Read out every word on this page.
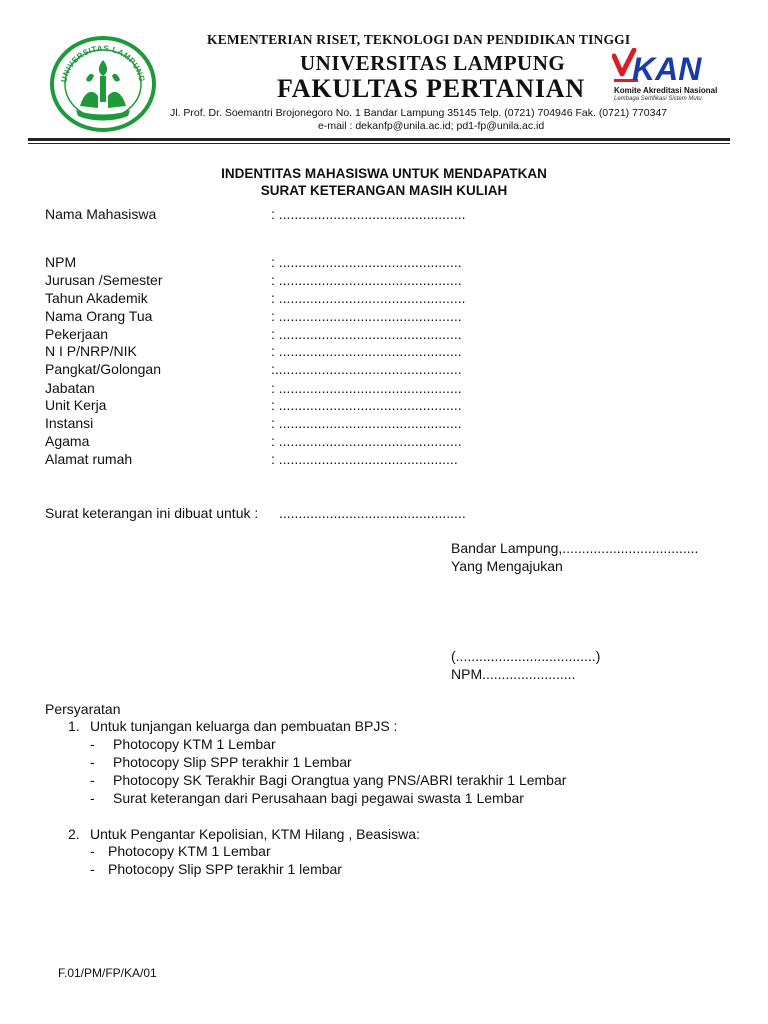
UNIVERSITAS LAMPUNG
KEMENTERIAN RISET, TEKNOLOGI DAN PENDIDIKAN TINGGI
UNIVERSITAS LAMPUNG
FAKULTAS PERTANIAN
Jl. Prof. Dr. Soemantri Brojonegoro No. 1 Bandar Lampung 35145 Telp. (0721) 704946 Fak. (0721) 770347
e-mail : dekanfp@unila.ac.id; pd1-fp@unila.ac.id
KAN
Komite Akreditasi Nasional
Lembaga Sertifikasi Sistem Mutu
INDENTITAS MAHASISWA UNTUK MENDAPATKAN
SURAT KETERANGAN MASIH KULIAH
Nama Mahasiswa	: ................................................
NPM	: ...............................................
Jurusan /Semester	: ...............................................
Tahun Akademik	: ................................................
Nama Orang Tua	: ...............................................
Pekerjaan	: ...............................................
N I P/NRP/NIK	: ...............................................
Pangkat/Golongan	:................................................
Jabatan	: ...............................................
Unit Kerja	: ...............................................
Instansi	: ...............................................
Agama	: ...............................................
Alamat rumah	: ..............................................
Surat keterangan ini dibuat untuk : ................................................
Bandar Lampung,...................................
Yang Mengajukan
(....................................)
NPM........................
Persyaratan
1. Untuk tunjangan keluarga dan pembuatan BPJS :
- Photocopy KTM 1 Lembar
- Photocopy Slip SPP terakhir 1 Lembar
- Photocopy SK Terakhir Bagi Orangtua yang PNS/ABRI terakhir 1 Lembar
- Surat keterangan dari Perusahaan bagi pegawai swasta 1 Lembar
2. Untuk Pengantar Kepolisian, KTM Hilang , Beasiswa:
- Photocopy KTM 1 Lembar
- Photocopy Slip SPP terakhir 1 lembar
F.01/PM/FP/KA/01
